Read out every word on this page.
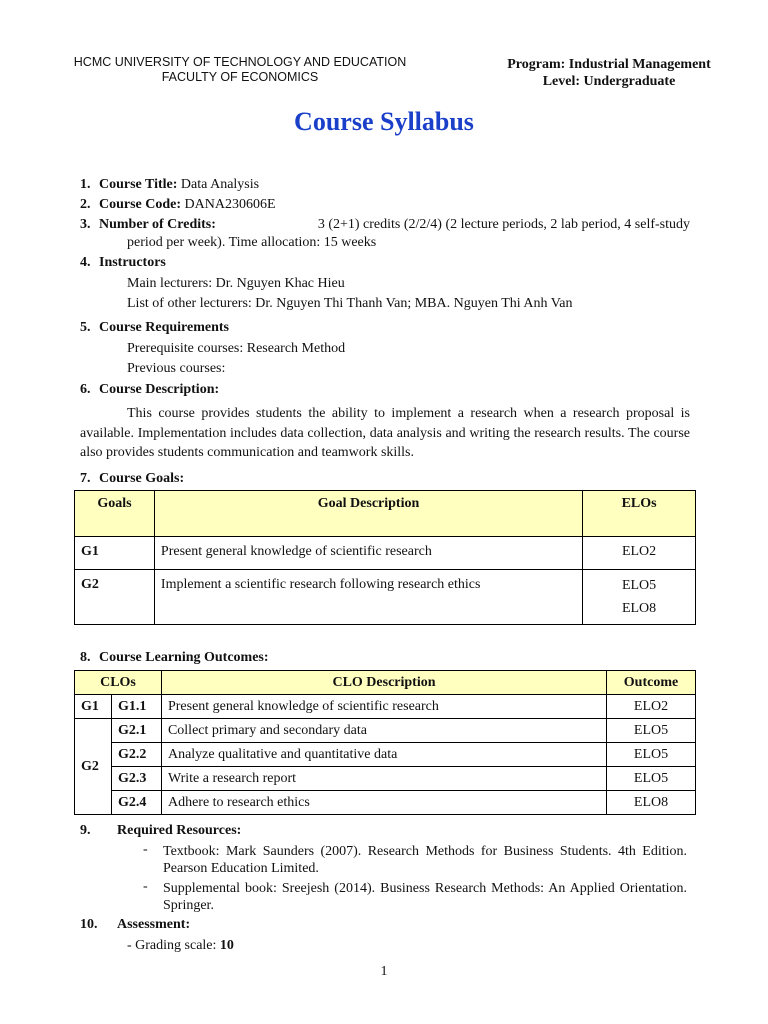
HCMC UNIVERSITY OF TECHNOLOGY AND EDUCATION
FACULTY OF ECONOMICS
Program: Industrial Management
Level: Undergraduate
Course Syllabus
1. Course Title: Data Analysis
2. Course Code: DANA230606E
3. Number of Credits:	3 (2+1) credits (2/2/4) (2 lecture periods, 2 lab period, 4 self-study
period per week). Time allocation: 15 weeks
4. Instructors
Main lecturers: Dr. Nguyen Khac Hieu
List of other lecturers: Dr. Nguyen Thi Thanh Van; MBA. Nguyen Thi Anh Van
5. Course Requirements
Prerequisite courses: Research Method
Previous courses:
6. Course Description:
This course provides students the ability to implement a research when a research proposal is available. Implementation includes data collection, data analysis and writing the research results. The course also provides students communication and teamwork skills.
7. Course Goals:
Goals	Goal Description	ELOs
G1	Present general knowledge of scientific research	ELO2
G2	Implement a scientific research following research ethics	ELO5
ELO8
8. Course Learning Outcomes:
CLOs		CLO Description	Outcome
G1	G1.1	Present general knowledge of scientific research	ELO2
G2	G2.1	Collect primary and secondary data	ELO5
	G2.2	Analyze qualitative and quantitative data	ELO5
	G2.3	Write a research report	ELO5
	G2.4	Adhere to research ethics	ELO8
9. Required Resources:
- Textbook: Mark Saunders (2007). Research Methods for Business Students. 4th Edition. Pearson Education Limited.
- Supplemental book: Sreejesh (2014). Business Research Methods: An Applied Orientation. Springer.
10. Assessment:
- Grading scale: 10
1
